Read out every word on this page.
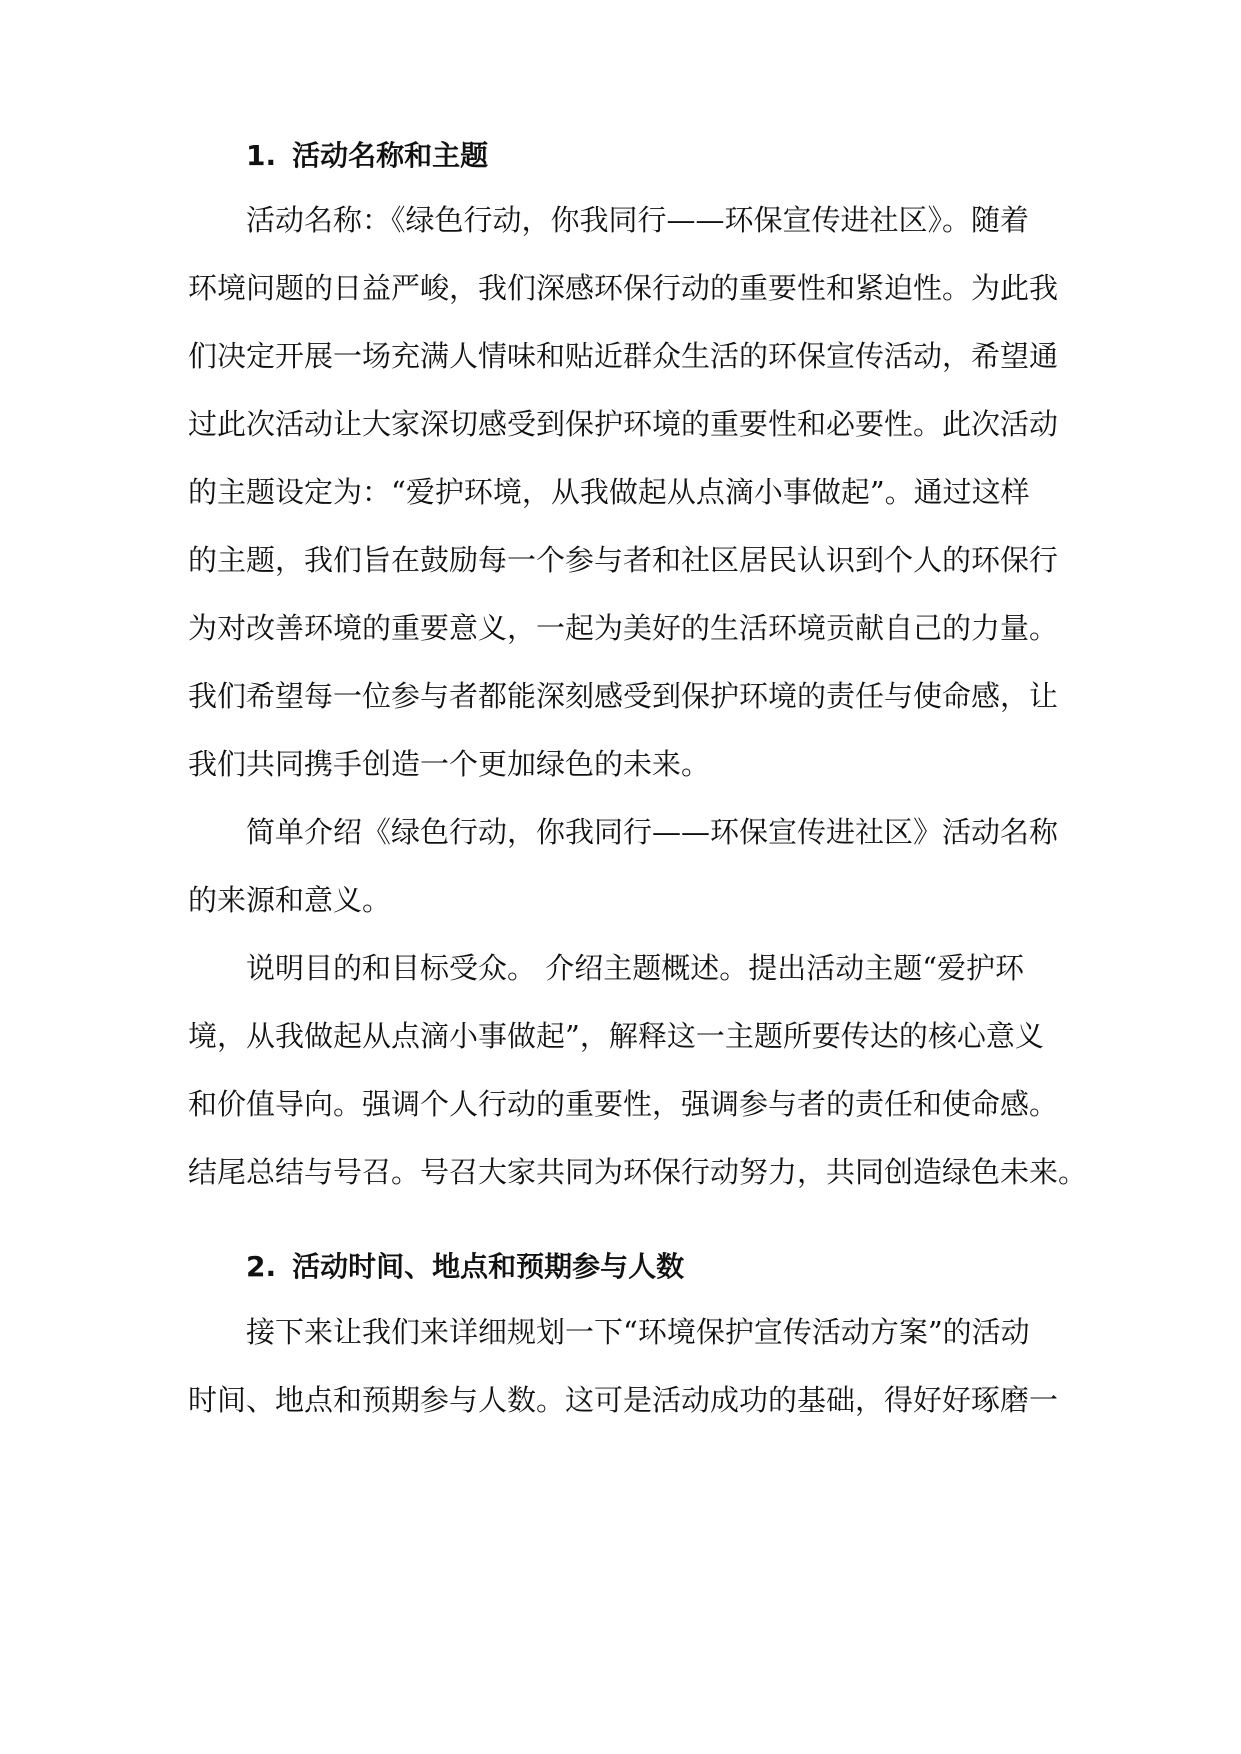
1. 活动名称和主题
活动名称：《绿色行动，你我同行——环保宣传进社区》。随着
环境问题的日益严峻，我们深感环保行动的重要性和紧迫性。为此我
们决定开展一场充满人情味和贴近群众生活的环保宣传活动，希望通
过此次活动让大家深切感受到保护环境的重要性和必要性。此次活动
的主题设定为：“爱护环境，从我做起从点滴小事做起”。通过这样
的主题，我们旨在鼓励每一个参与者和社区居民认识到个人的环保行
为对改善环境的重要意义，一起为美好的生活环境贡献自己的力量。
我们希望每一位参与者都能深刻感受到保护环境的责任与使命感，让
我们共同携手创造一个更加绿色的未来。
简单介绍《绿色行动，你我同行——环保宣传进社区》活动名称
的来源和意义。
说明目的和目标受众。 介绍主题概述。提出活动主题“爱护环
境，从我做起从点滴小事做起”，解释这一主题所要传达的核心意义
和价值导向。强调个人行动的重要性，强调参与者的责任和使命感。
结尾总结与号召。号召大家共同为环保行动努力，共同创造绿色未来。
2. 活动时间、地点和预期参与人数
接下来让我们来详细规划一下“环境保护宣传活动方案”的活动
时间、地点和预期参与人数。这可是活动成功的基础，得好好琢磨一
